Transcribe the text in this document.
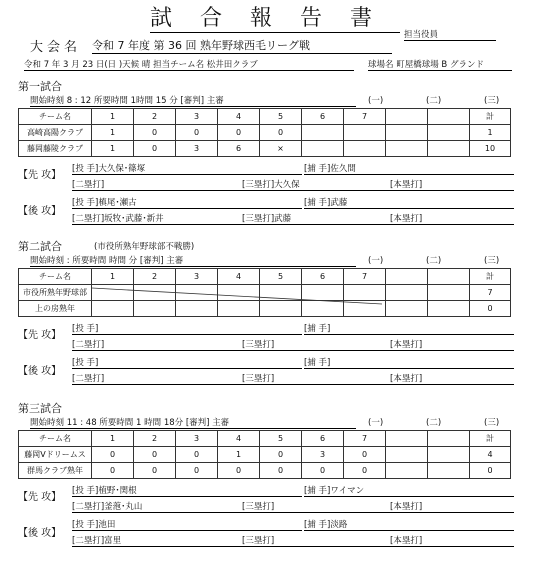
試合報告書
担当役員
大会名 令和 7 年度 第 36 回 熟年野球西毛リーグ戦
令和 7 年 3 月 23 日(日 )天候 晴 担当チーム名 松井田クラブ	球場名 町屋橋球場 B グランド
第一試合
開始時刻 8 : 12 所要時間 1時間 15 分 [審判] 主審	(一)	(二)	(三)
チーム名	1	2	3	4	5	6	7			計
高崎高陽クラブ	1	0	0	0	0					1
藤岡藤陵クラブ	1	0	3	6	×					10
【先 攻】
[投 手]大久保･篠塚	[捕 手]佐久間
[二塁打]	[三塁打]大久保	[本塁打]
【後 攻】
[投 手]槙尾･瀬古	[捕 手]武藤
[二塁打]坂牧･武藤･新井	[三塁打]武藤	[本塁打]
第二試合	(市役所熟年野球部不戦勝)
開始時刻 : 所要時間 時間 分 [審判] 主審	(一)	(二)	(三)
チーム名	1	2	3	4	5	6	7			計
市役所熟年野球部										7
上の房熟年										0
【先 攻】
[投 手]	[捕 手]
[二塁打]	[三塁打]	[本塁打]
【後 攻】
[投 手]	[捕 手]
[二塁打]	[三塁打]	[本塁打]
第三試合
開始時刻 11 : 48 所要時間 1 時間 18分 [審判] 主審	(一)	(二)	(三)
チーム名	1	2	3	4	5	6	7			計
藤岡Vドリームス	0	0	0	1	0	3	0			4
群馬クラブ熟年	0	0	0	0	0	0	0			0
【先 攻】
[投 手]植野･関根	[捕 手]ワイマン
[二塁打]釜萢･丸山	[三塁打]	[本塁打]
【後 攻】
[投 手]池田	[捕 手]淡路
[二塁打]富里	[三塁打]	[本塁打]
